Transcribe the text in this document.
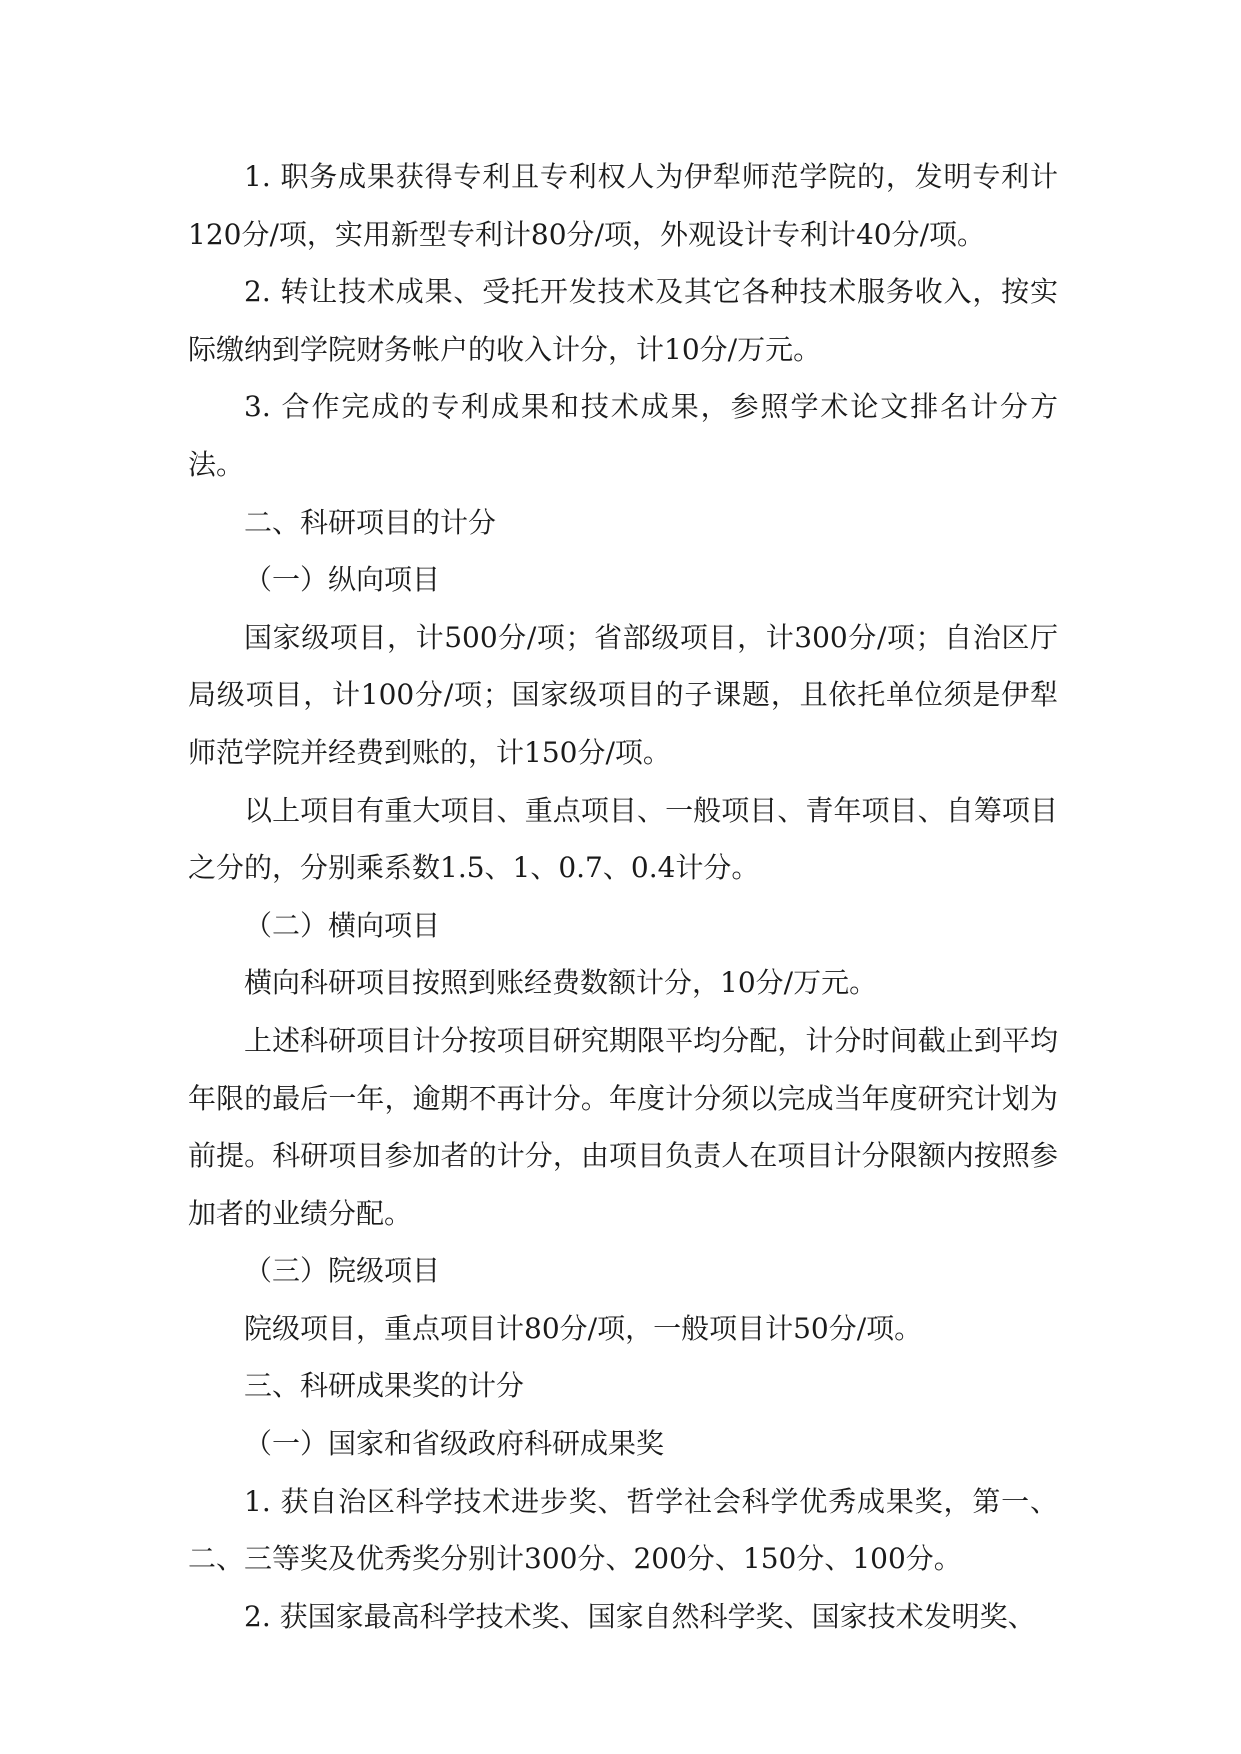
1. 职务成果获得专利且专利权人为伊犁师范学院的，发明专利计120分/项，实用新型专利计80分/项，外观设计专利计40分/项。

2. 转让技术成果、受托开发技术及其它各种技术服务收入，按实际缴纳到学院财务帐户的收入计分，计10分/万元。

3. 合作完成的专利成果和技术成果，参照学术论文排名计分方法。

二、科研项目的计分

（一）纵向项目

国家级项目，计500分/项；省部级项目，计300分/项；自治区厅局级项目，计100分/项；国家级项目的子课题，且依托单位须是伊犁师范学院并经费到账的，计150分/项。

以上项目有重大项目、重点项目、一般项目、青年项目、自筹项目之分的，分别乘系数1.5、1、0.7、0.4计分。

（二）横向项目

横向科研项目按照到账经费数额计分，10分/万元。

上述科研项目计分按项目研究期限平均分配，计分时间截止到平均年限的最后一年，逾期不再计分。年度计分须以完成当年度研究计划为前提。科研项目参加者的计分，由项目负责人在项目计分限额内按照参加者的业绩分配。

（三）院级项目

院级项目，重点项目计80分/项，一般项目计50分/项。

三、科研成果奖的计分

（一）国家和省级政府科研成果奖

1. 获自治区科学技术进步奖、哲学社会科学优秀成果奖，第一、二、三等奖及优秀奖分别计300分、200分、150分、100分。

2. 获国家最高科学技术奖、国家自然科学奖、国家技术发明奖、
